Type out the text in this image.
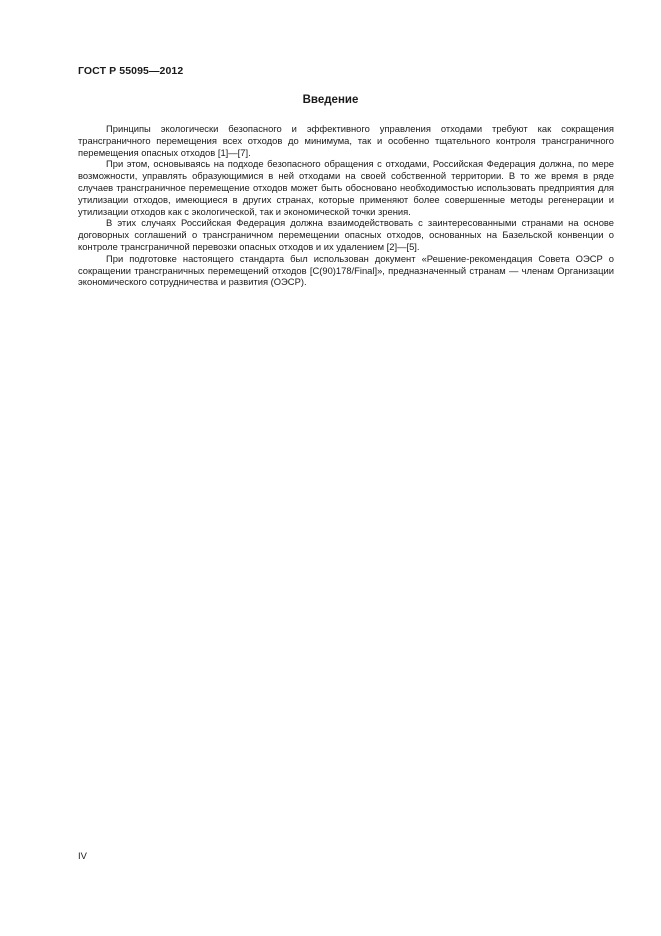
ГОСТ Р 55095—2012
Введение

Принципы экологически безопасного и эффективного управления отходами требуют как сокращения трансграничного перемещения всех отходов до минимума, так и особенно тщательного контроля трансграничного перемещения опасных отходов [1]—[7].

При этом, основываясь на подходе безопасного обращения с отходами, Российская Федерация должна, по мере возможности, управлять образующимися в ней отходами на своей собственной территории. В то же время в ряде случаев трансграничное перемещение отходов может быть обосновано необходимостью использовать предприятия для утилизации отходов, имеющиеся в других странах, которые применяют более совершенные методы регенерации и утилизации отходов как с экологической, так и экономической точки зрения.

В этих случаях Российская Федерация должна взаимодействовать с заинтересованными странами на основе договорных соглашений о трансграничном перемещении опасных отходов, основанных на Базельской конвенции о контроле трансграничной перевозки опасных отходов и их удалением [2]—[5].

При подготовке настоящего стандарта был использован документ «Решение-рекомендация Совета ОЭСР о сокращении трансграничных перемещений отходов [C(90)178/Final]», предназначенный странам — членам Организации экономического сотрудничества и развития (ОЭСР).

IV
